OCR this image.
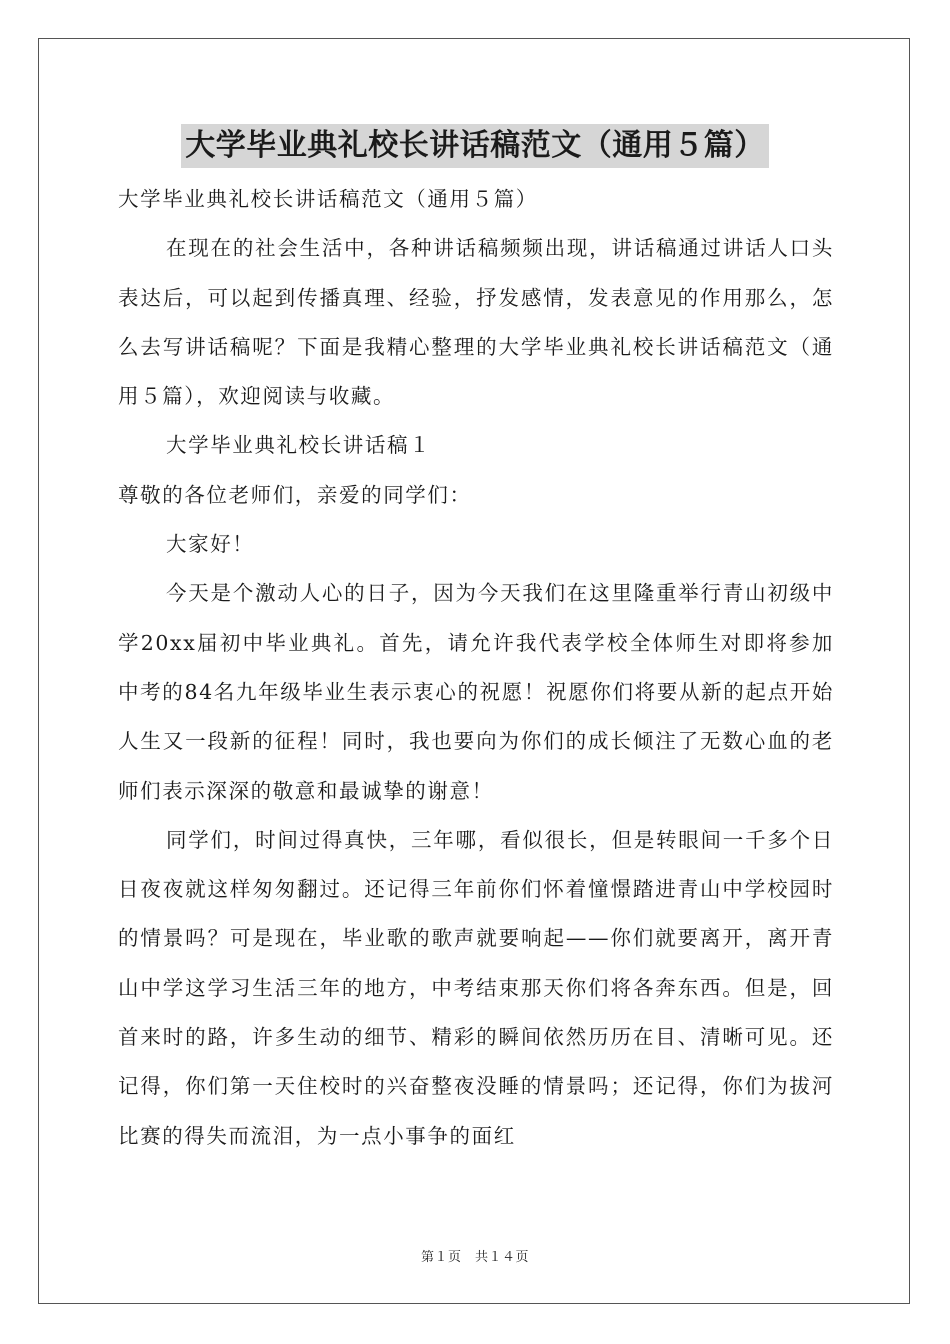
大学毕业典礼校长讲话稿范文（通用５篇）

大学毕业典礼校长讲话稿范文（通用５篇）

在现在的社会生活中，各种讲话稿频频出现，讲话稿通过讲话人口头表达后，可以起到传播真理、经验，抒发感情，发表意见的作用那么，怎么去写讲话稿呢？下面是我精心整理的大学毕业典礼校长讲话稿范文（通用５篇），欢迎阅读与收藏。

大学毕业典礼校长讲话稿１

尊敬的各位老师们，亲爱的同学们：

大家好！

今天是个激动人心的日子，因为今天我们在这里隆重举行青山初级中学20xx届初中毕业典礼。首先，请允许我代表学校全体师生对即将参加中考的84名九年级毕业生表示衷心的祝愿！祝愿你们将要从新的起点开始人生又一段新的征程！同时，我也要向为你们的成长倾注了无数心血的老师们表示深深的敬意和最诚挚的谢意！

同学们，时间过得真快，三年哪，看似很长，但是转眼间一千多个日日夜夜就这样匆匆翻过。还记得三年前你们怀着憧憬踏进青山中学校园时的情景吗？可是现在，毕业歌的歌声就要响起——你们就要离开，离开青山中学这学习生活三年的地方，中考结束那天你们将各奔东西。但是，回首来时的路，许多生动的细节、精彩的瞬间依然历历在目、清晰可见。还记得，你们第一天住校时的兴奋整夜没睡的情景吗；还记得，你们为拔河比赛的得失而流泪，为一点小事争的面红

第１页　共１４页
